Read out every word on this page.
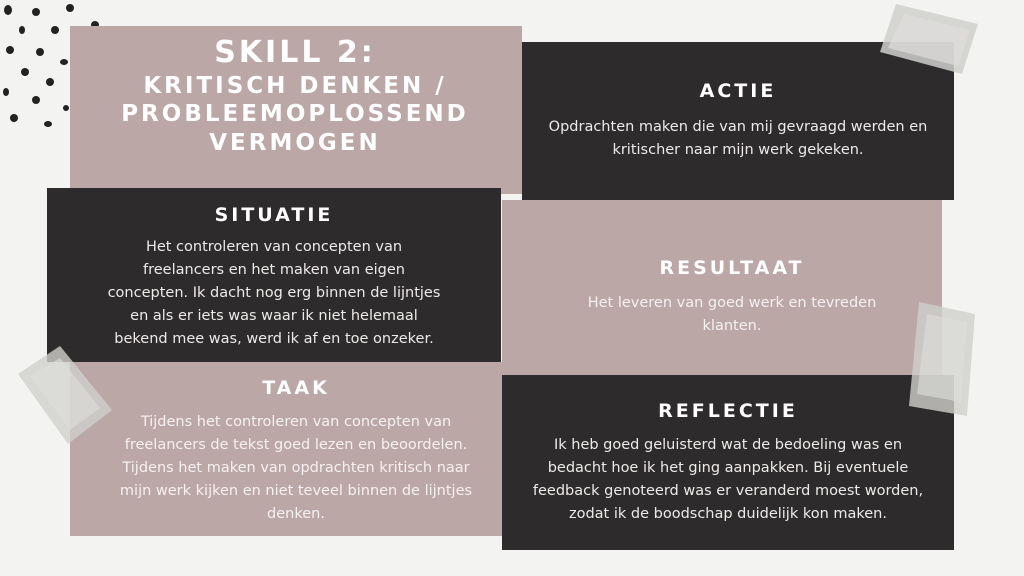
SKILL 2:
KRITISCH DENKEN /
PROBLEEMOPLOSSEND
VERMOGEN
ACTIE
Opdrachten maken die van mij gevraagd werden en
kritischer naar mijn werk gekeken.
SITUATIE
Het controleren van concepten van
freelancers en het maken van eigen
concepten. Ik dacht nog erg binnen de lijntjes
en als er iets was waar ik niet helemaal
bekend mee was, werd ik af en toe onzeker.
RESULTAAT
Het leveren van goed werk en tevreden
klanten.
TAAK
Tijdens het controleren van concepten van
freelancers de tekst goed lezen en beoordelen.
Tijdens het maken van opdrachten kritisch naar
mijn werk kijken en niet teveel binnen de lijntjes
denken.
REFLECTIE
Ik heb goed geluisterd wat de bedoeling was en
bedacht hoe ik het ging aanpakken. Bij eventuele
feedback genoteerd was er veranderd moest worden,
zodat ik de boodschap duidelijk kon maken.
